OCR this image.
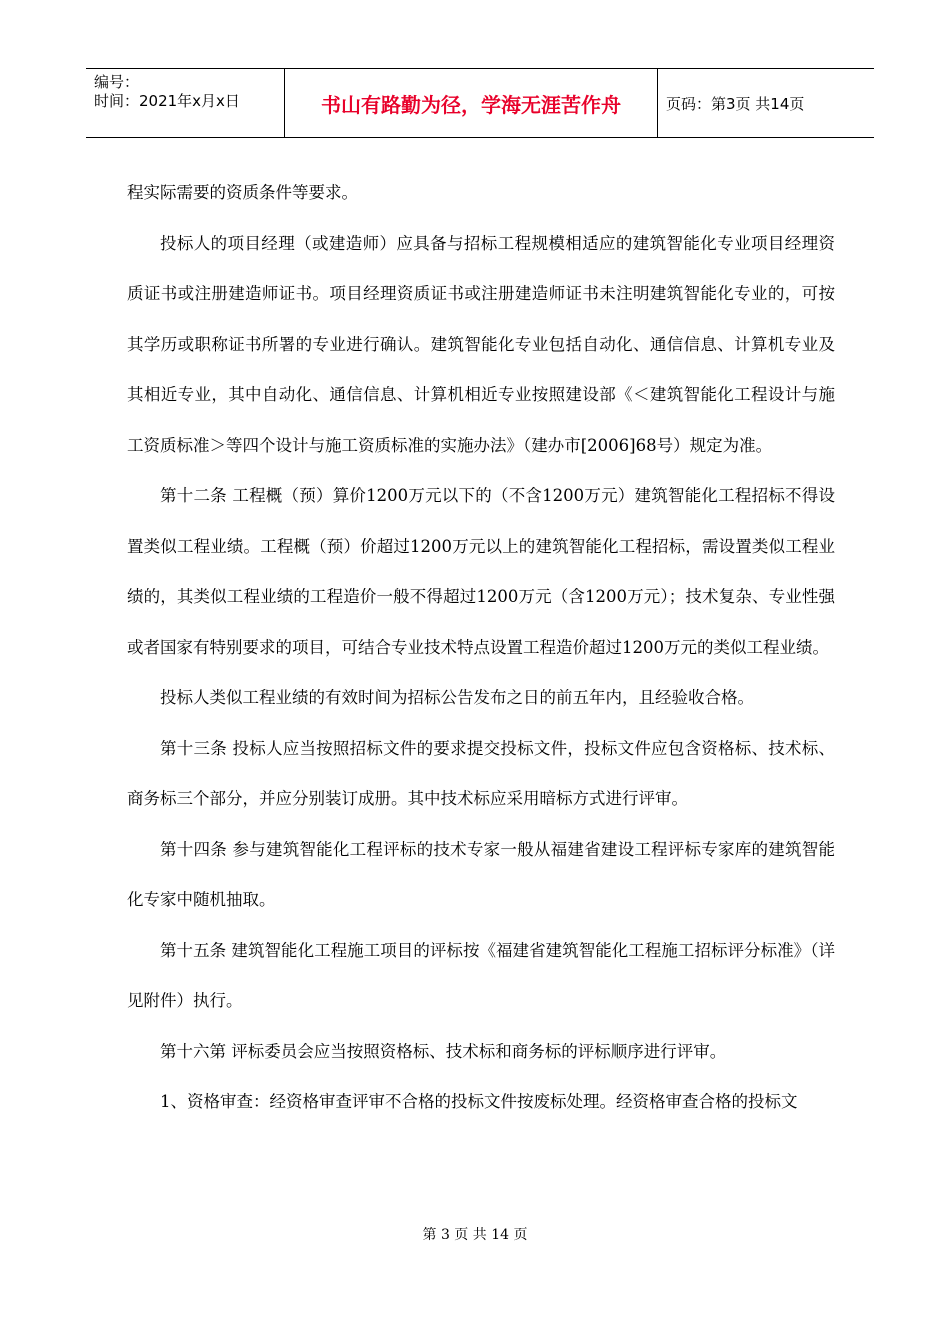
编号：
时间：2021年x月x日	书山有路勤为径，学海无涯苦作舟	页码：第3页 共14页

程实际需要的资质条件等要求。

投标人的项目经理（或建造师）应具备与招标工程规模相适应的建筑智能化专业项目经理资质证书或注册建造师证书。项目经理资质证书或注册建造师证书未注明建筑智能化专业的，可按其学历或职称证书所署的专业进行确认。建筑智能化专业包括自动化、通信信息、计算机专业及其相近专业，其中自动化、通信信息、计算机相近专业按照建设部《＜建筑智能化工程设计与施工资质标准＞等四个设计与施工资质标准的实施办法》（建办市[2006]68号）规定为准。

第十二条 工程概（预）算价1200万元以下的（不含1200万元）建筑智能化工程招标不得设置类似工程业绩。工程概（预）价超过1200万元以上的建筑智能化工程招标，需设置类似工程业绩的，其类似工程业绩的工程造价一般不得超过1200万元（含1200万元）；技术复杂、专业性强或者国家有特别要求的项目，可结合专业技术特点设置工程造价超过1200万元的类似工程业绩。

投标人类似工程业绩的有效时间为招标公告发布之日的前五年内，且经验收合格。

第十三条 投标人应当按照招标文件的要求提交投标文件，投标文件应包含资格标、技术标、商务标三个部分，并应分别装订成册。其中技术标应采用暗标方式进行评审。

第十四条 参与建筑智能化工程评标的技术专家一般从福建省建设工程评标专家库的建筑智能化专家中随机抽取。

第十五条 建筑智能化工程施工项目的评标按《福建省建筑智能化工程施工招标评分标准》（详见附件）执行。

第十六第 评标委员会应当按照资格标、技术标和商务标的评标顺序进行评审。

1、资格审查：经资格审查评审不合格的投标文件按废标处理。经资格审查合格的投标文

第 3 页 共 14 页
